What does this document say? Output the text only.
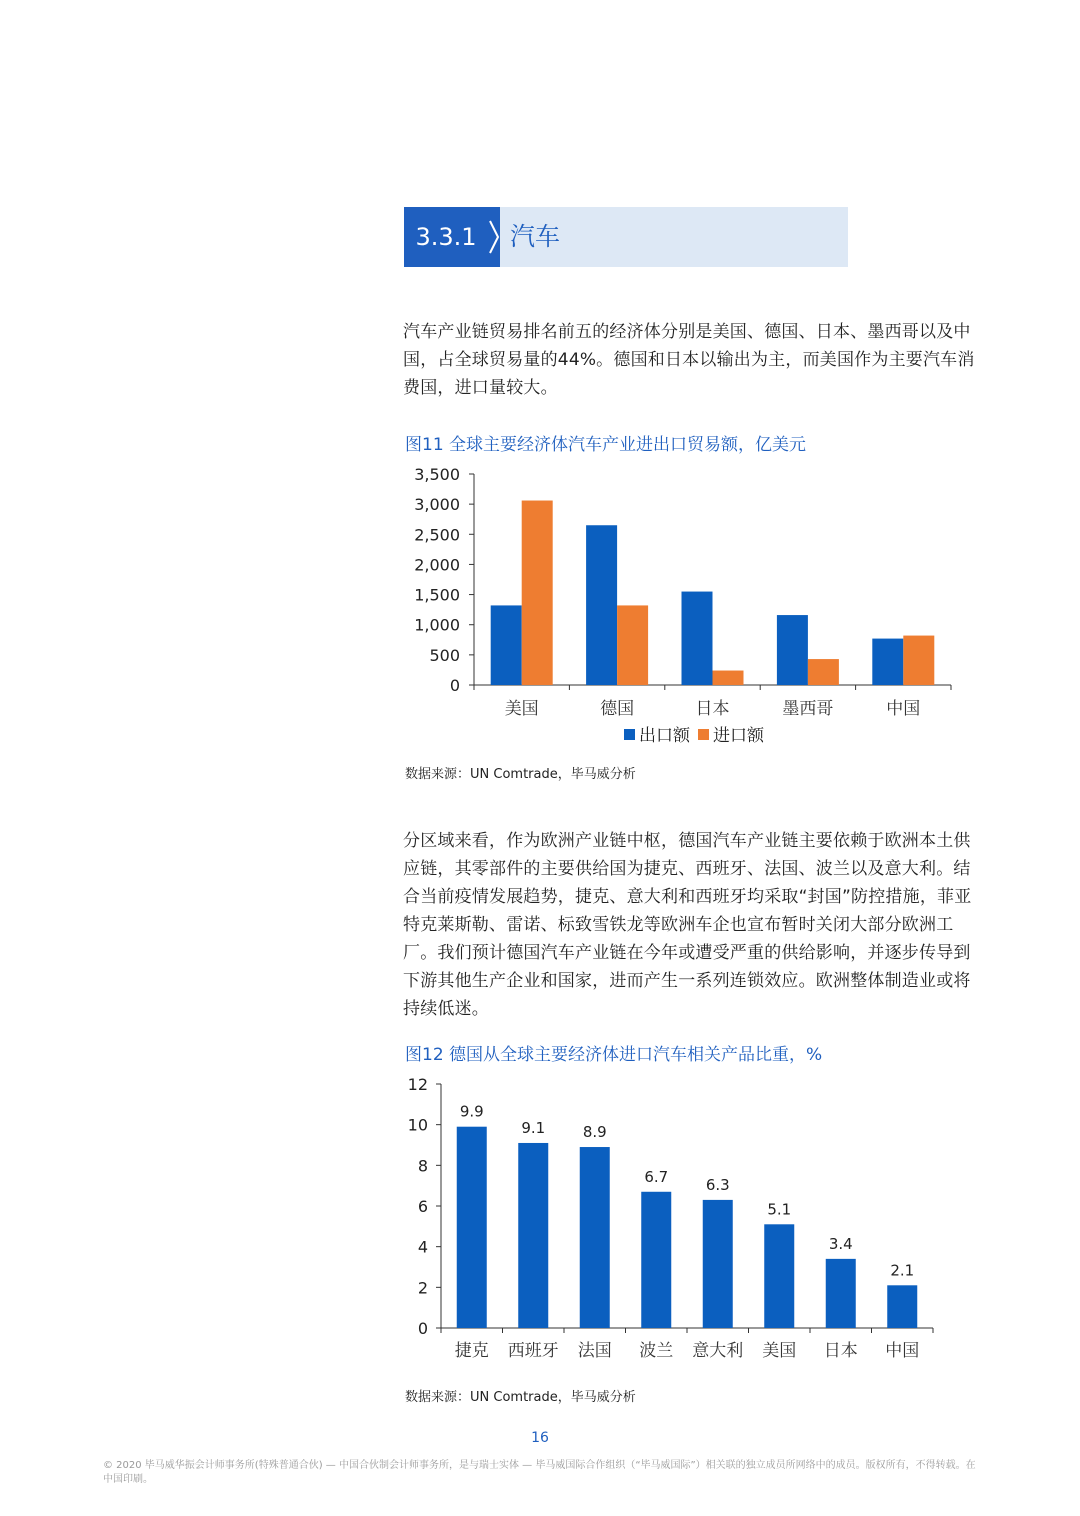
3.3.1	汽车

汽车产业链贸易排名前五的经济体分别是美国、德国、日本、墨西哥以及中国，占全球贸易量的44%。德国和日本以输出为主，而美国作为主要汽车消费国，进口量较大。

图11 全球主要经济体汽车产业进出口贸易额，亿美元

0
500
1,000
1,500
2,000
2,500
3,000
3,500
美国	德国	日本	墨西哥	中国
出口额 进口额
数据来源：UN Comtrade，毕马威分析

分区域来看，作为欧洲产业链中枢，德国汽车产业链主要依赖于欧洲本土供应链，其零部件的主要供给国为捷克、西班牙、法国、波兰以及意大利。结合当前疫情发展趋势，捷克、意大利和西班牙均采取“封国”防控措施，菲亚特克莱斯勒、雷诺、标致雪铁龙等欧洲车企也宣布暂时关闭大部分欧洲工厂。我们预计德国汽车产业链在今年或遭受严重的供给影响，并逐步传导到下游其他生产企业和国家，进而产生一系列连锁效应。欧洲整体制造业或将持续低迷。

图12 德国从全球主要经济体进口汽车相关产品比重，%

0
2
4
6
8
10
12
9.9
捷克
9.1
西班牙
8.9
法国
6.7
波兰
6.3
意大利
5.1
美国
3.4
日本
2.1
中国
数据来源：UN Comtrade，毕马威分析
16
© 2020 毕马威华振会计师事务所(特殊普通合伙) — 中国合伙制会计师事务所，是与瑞士实体 — 毕马威国际合作组织（“毕马威国际”）相关联的独立成员所网络中的成员。版权所有，不得转载。在中国印刷。
